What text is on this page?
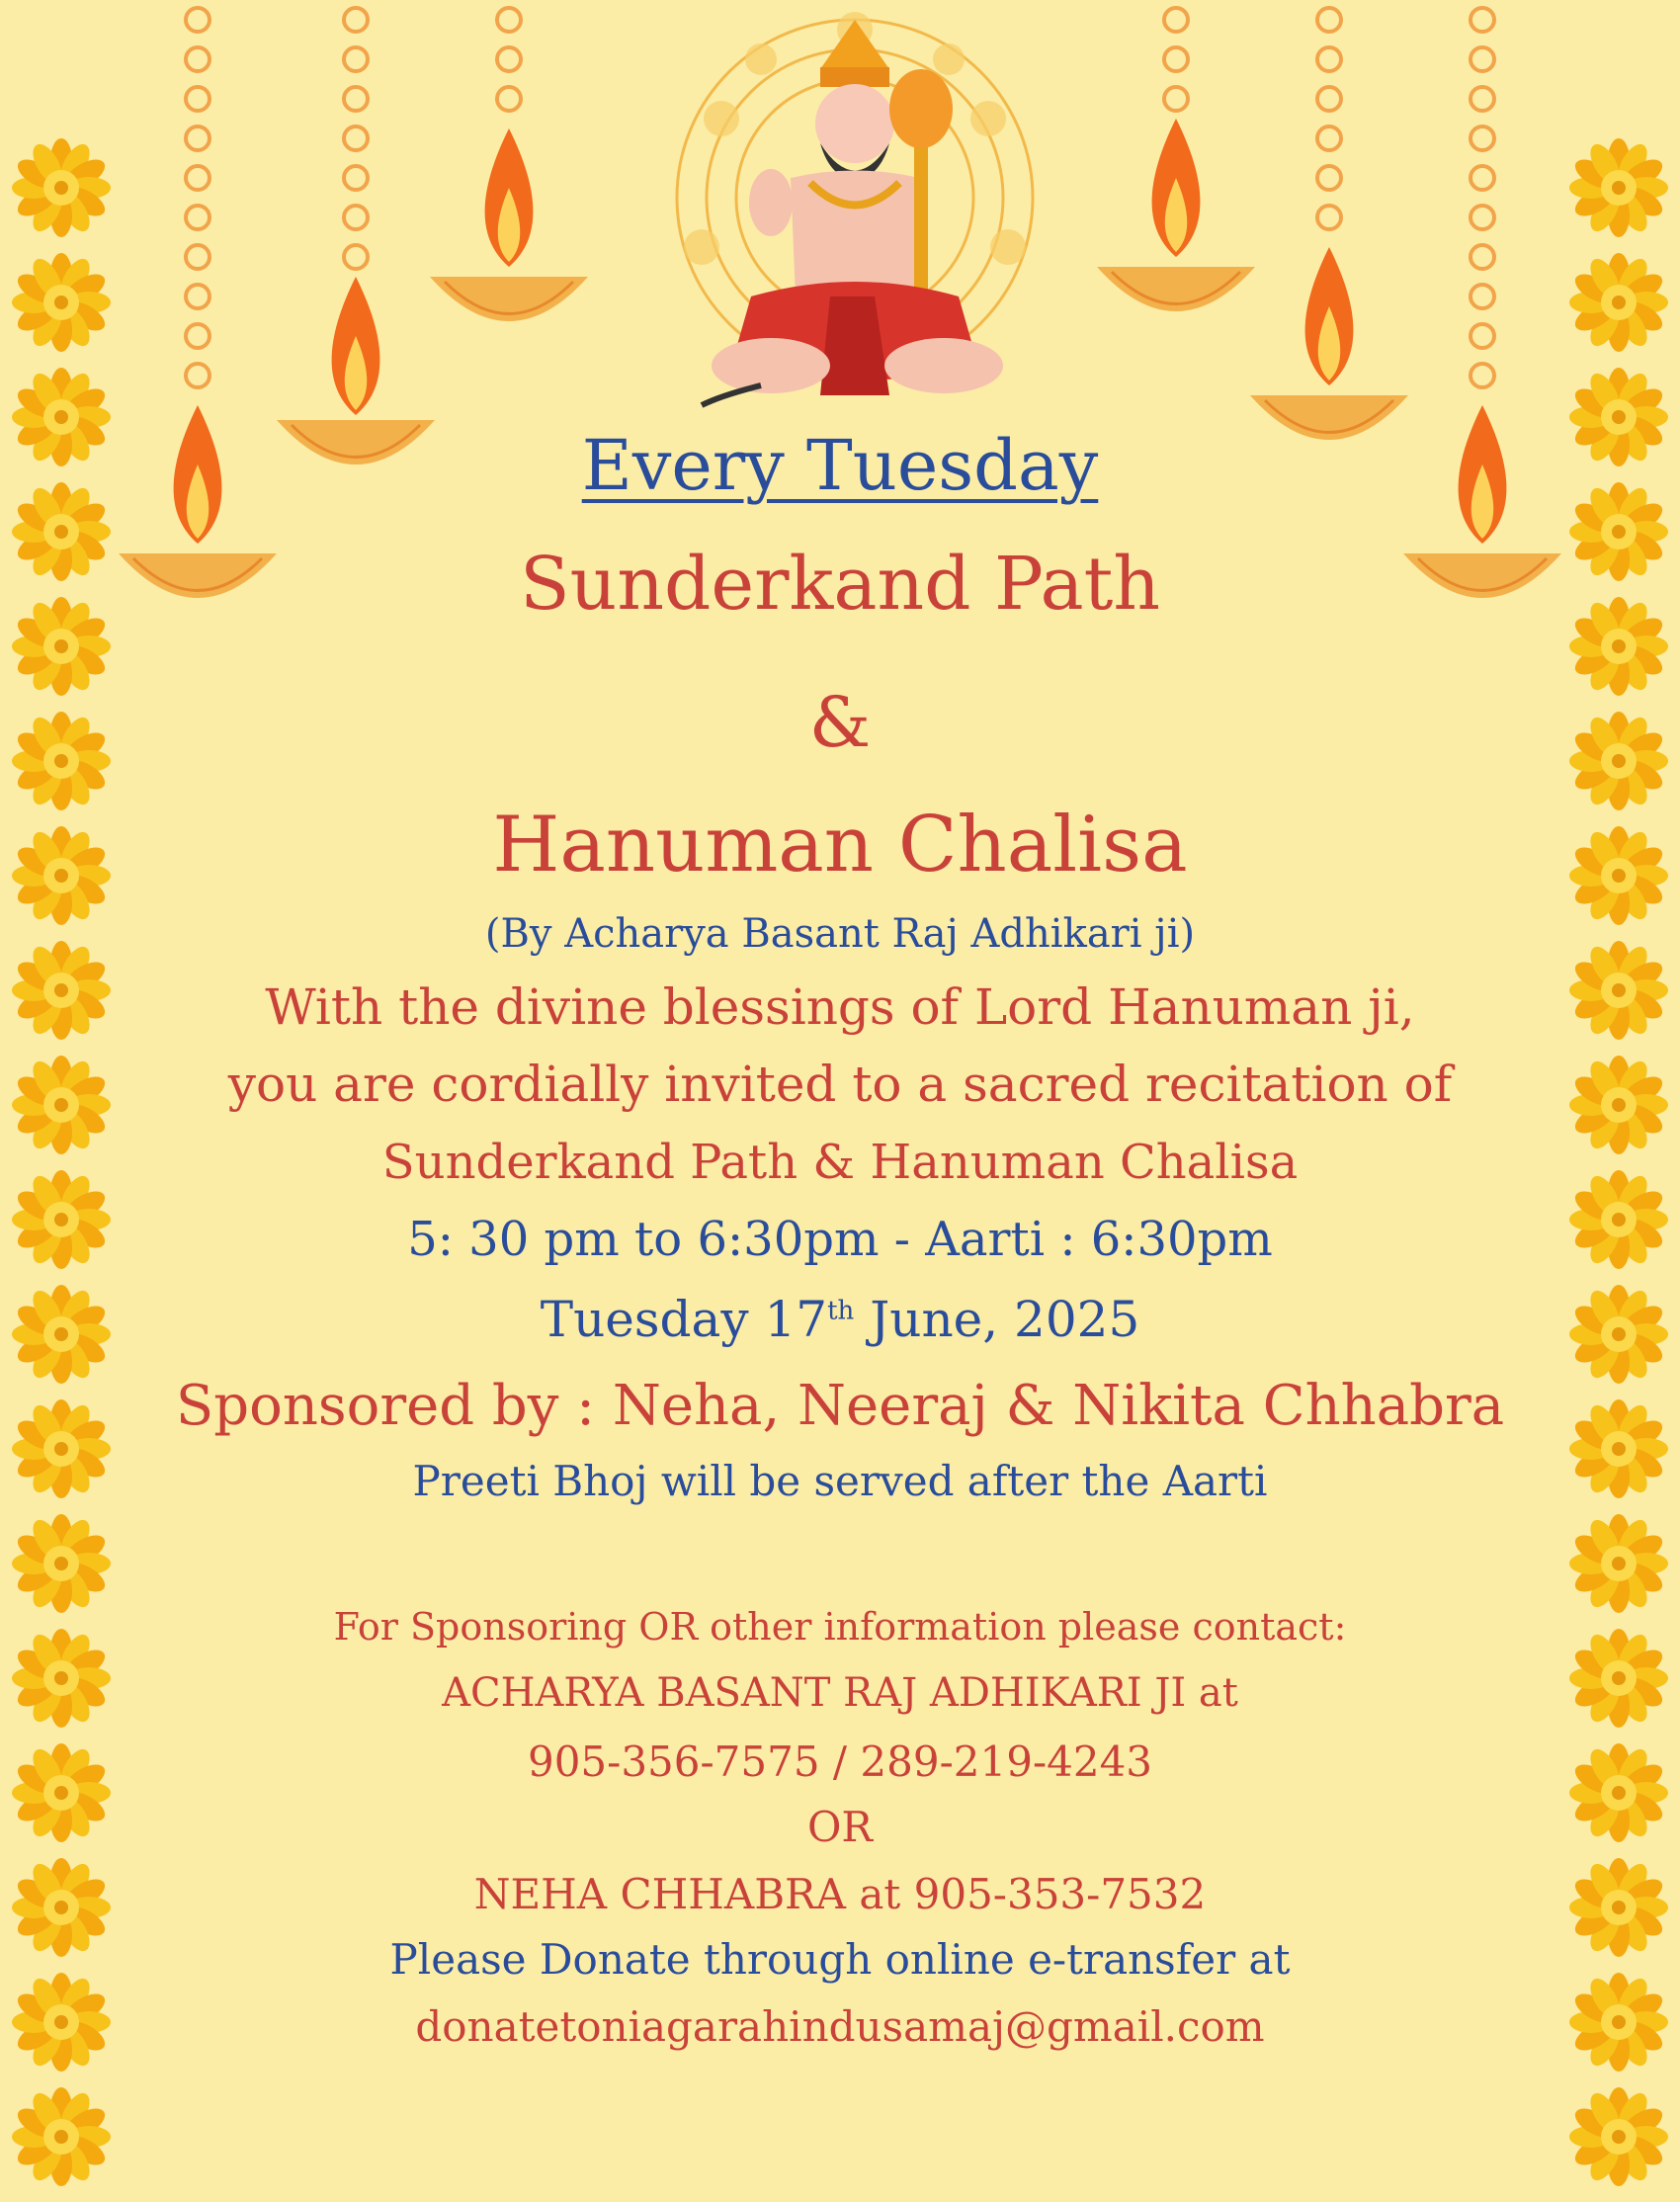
Every Tuesday
Sunderkand Path
&
Hanuman Chalisa
(By Acharya Basant Raj Adhikari ji)
With the divine blessings of Lord Hanuman ji,
you are cordially invited to a sacred recitation of
Sunderkand Path & Hanuman Chalisa
5: 30 pm to 6:30pm - Aarti : 6:30pm
Tuesday 17th June, 2025
Sponsored by : Neha, Neeraj & Nikita Chhabra
Preeti Bhoj will be served after the Aarti
For Sponsoring OR other information please contact:
ACHARYA BASANT RAJ ADHIKARI JI at
905-356-7575 / 289-219-4243
OR
NEHA CHHABRA at 905-353-7532
Please Donate through online e-transfer at
donatetoniagarahindusamaj@gmail.com
